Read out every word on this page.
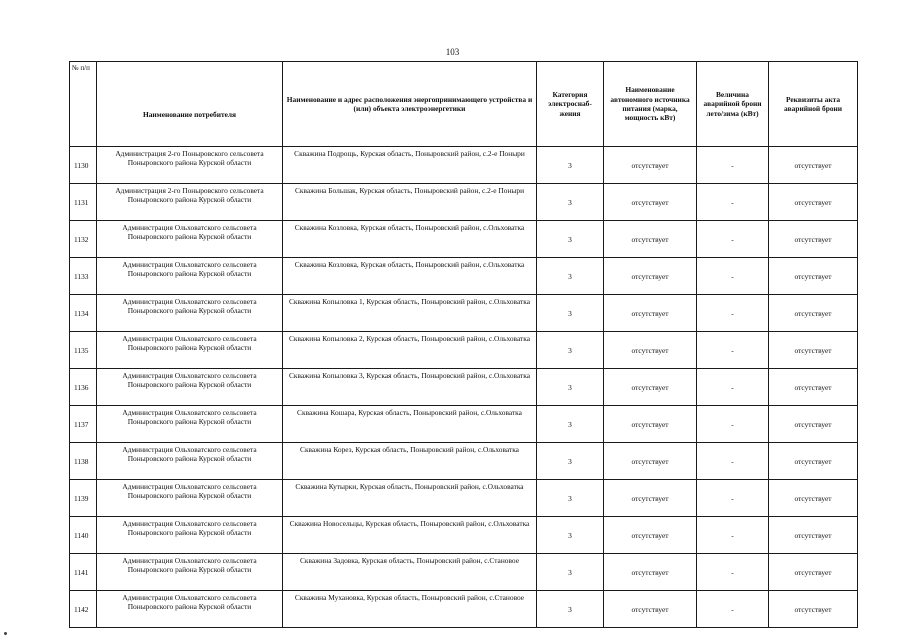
103
№ п/п	Наименование потребителя	Наименование и адрес расположения энергопринимающего устройства и (или) объекта электроэнергетики	Категория электроснаб-жения	Наименование автономного источника питания (марка, мощность кВт)	Величина аварийной брони лето/зима (кВт)	Реквизиты акта аварийной брони
1130	Администрация 2-го Поныровского сельсовета Поныровского района Курской области	Скважина Подрощь, Курская область, Поныровский район, с.2-е Поныри	3	отсутствует	-	отсутствует
1131	Администрация 2-го Поныровского сельсовета Поныровского района Курской области	Скважина Большак, Курская область, Поныровский район, с.2-е Поныри	3	отсутствует	-	отсутствует
1132	Администрация Ольховатского сельсовета Поныровского района Курской области	Скважина Козловка, Курская область, Поныровский район, с.Ольховатка	3	отсутствует	-	отсутствует
1133	Администрация Ольховатского сельсовета Поныровского района Курской области	Скважина Козловка, Курская область, Поныровский район, с.Ольховатка	3	отсутствует	-	отсутствует
1134	Администрация Ольховатского сельсовета Поныровского района Курской области	Скважина Копыловка 1, Курская область, Поныровский район, с.Ольховатка	3	отсутствует	-	отсутствует
1135	Администрация Ольховатского сельсовета Поныровского района Курской области	Скважина Копыловка 2, Курская область, Поныровский район, с.Ольховатка	3	отсутствует	-	отсутствует
1136	Администрация Ольховатского сельсовета Поныровского района Курской области	Скважина Копыловка 3, Курская область, Поныровский район, с.Ольховатка	3	отсутствует	-	отсутствует
1137	Администрация Ольховатского сельсовета Поныровского района Курской области	Скважина Кошара, Курская область, Поныровский район, с.Ольховатка	3	отсутствует	-	отсутствует
1138	Администрация Ольховатского сельсовета Поныровского района Курской области	Скважина Корез, Курская область, Поныровский район, с.Ольховатка	3	отсутствует	-	отсутствует
1139	Администрация Ольховатского сельсовета Поныровского района Курской области	Скважина Кутырки, Курская область, Поныровский район, с.Ольховатка	3	отсутствует	-	отсутствует
1140	Администрация Ольховатского сельсовета Поныровского района Курской области	Скважина Новосельцы, Курская область, Поныровский район, с.Ольховатка	3	отсутствует	-	отсутствует
1141	Администрация Ольховатского сельсовета Поныровского района Курской области	Скважина Задовка, Курская область, Поныровский район, с.Становое	3	отсутствует	-	отсутствует
1142	Администрация Ольховатского сельсовета Поныровского района Курской области	Скважина Мухановка, Курская область, Поныровский район, с.Становое	3	отсутствует	-	отсутствует
